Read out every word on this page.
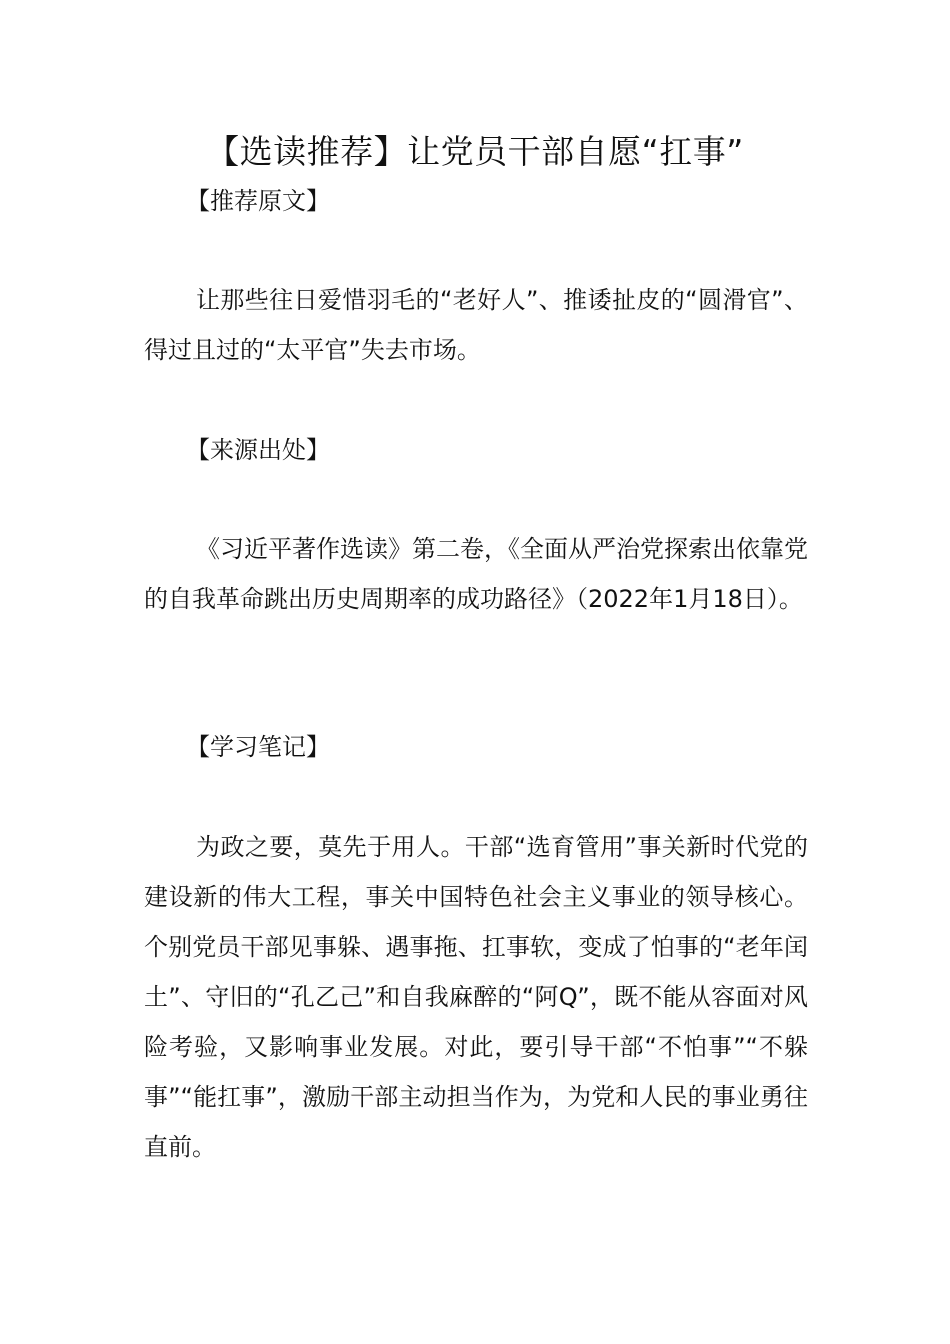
【选读推荐】让党员干部自愿“扛事”
【推荐原文】
让那些往日爱惜羽毛的“老好人”、推诿扯皮的“圆滑官”、得过且过的“太平官”失去市场。
【来源出处】
《习近平著作选读》第二卷，《全面从严治党探索出依靠党的自我革命跳出历史周期率的成功路径》（2022年1月18日）。
【学习笔记】
为政之要，莫先于用人。干部“选育管用”事关新时代党的建设新的伟大工程，事关中国特色社会主义事业的领导核心。个别党员干部见事躲、遇事拖、扛事软，变成了怕事的“老年闰土”、守旧的“孔乙己”和自我麻醉的“阿Q”，既不能从容面对风险考验，又影响事业发展。对此，要引导干部“不怕事”“不躲事”“能扛事”，激励干部主动担当作为，为党和人民的事业勇往直前。
